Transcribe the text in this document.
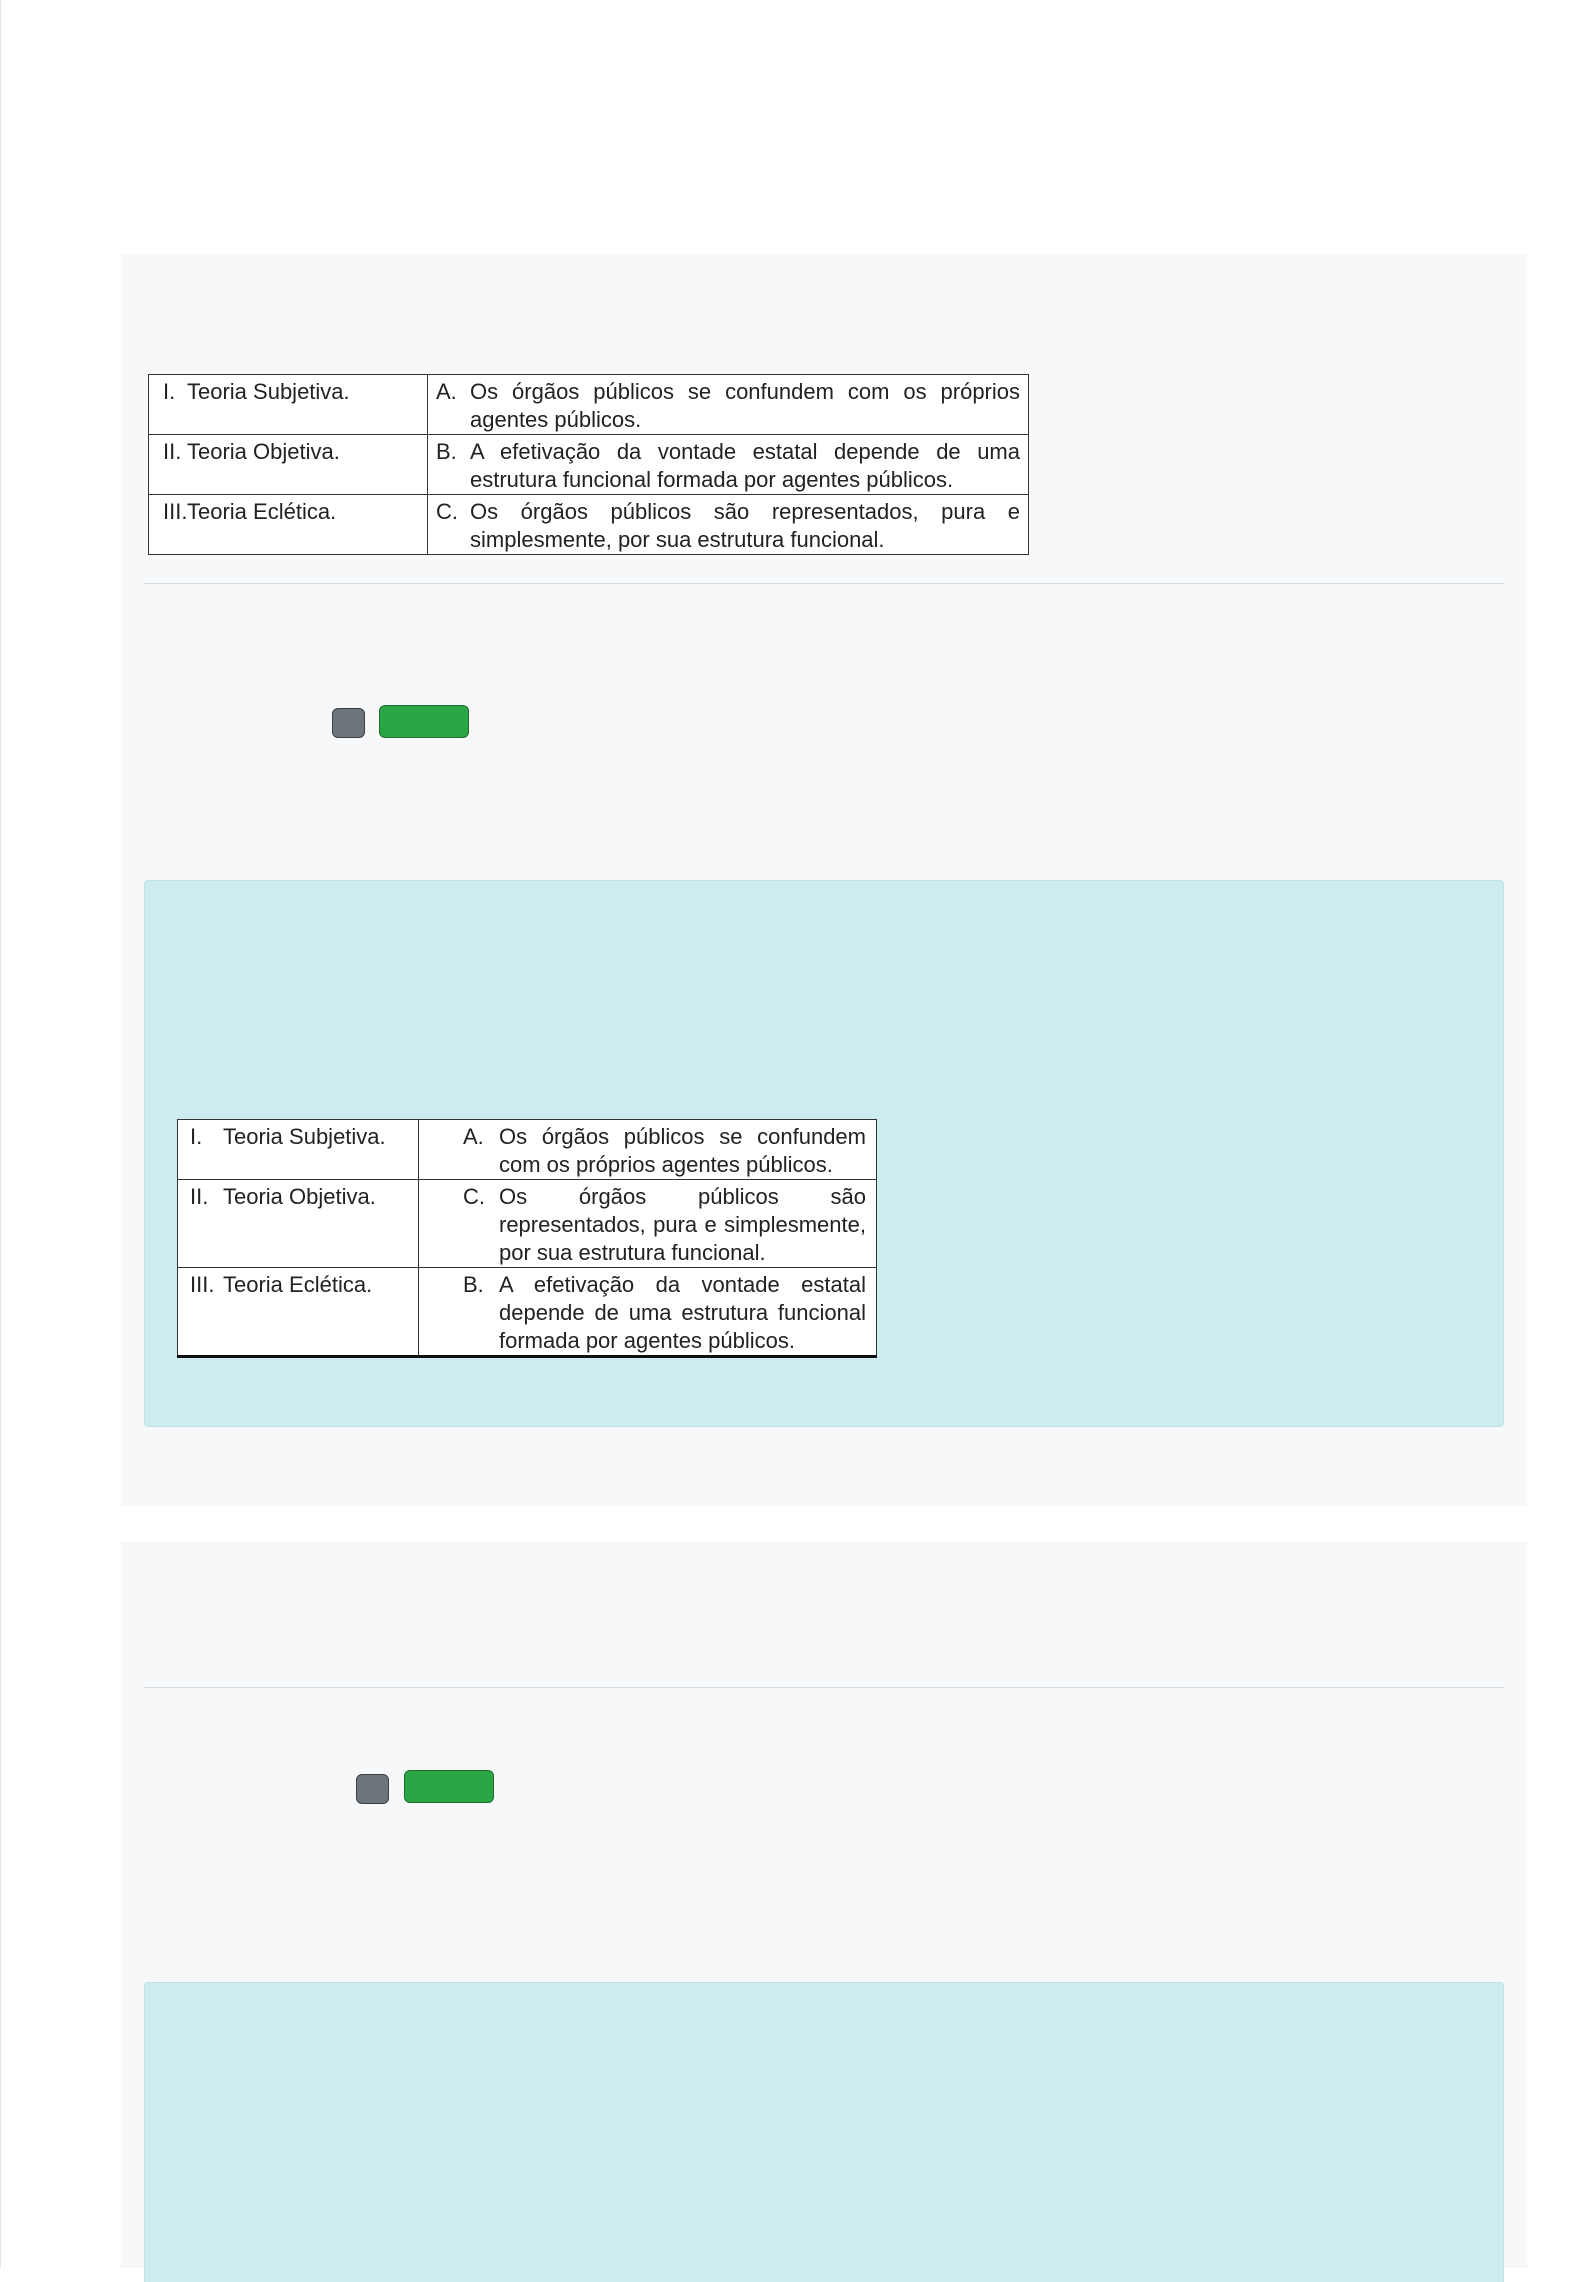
I. Teoria Subjetiva.	A. Os órgãos públicos se confundem com os próprios agentes públicos.

II. Teoria Objetiva.	B. A efetivação da vontade estatal depende de uma estrutura funcional formada por agentes públicos.

III. Teoria Eclética.	C. Os órgãos públicos são representados, pura e simplesmente, por sua estrutura funcional.
I. Teoria Subjetiva.	A. Os órgãos públicos se confundem com os próprios agentes públicos.

II. Teoria Objetiva.	C. Os órgãos públicos são representados, pura e simplesmente, por sua estrutura funcional.

III. Teoria Eclética.	B. A efetivação da vontade estatal depende de uma estrutura funcional formada por agentes públicos.
